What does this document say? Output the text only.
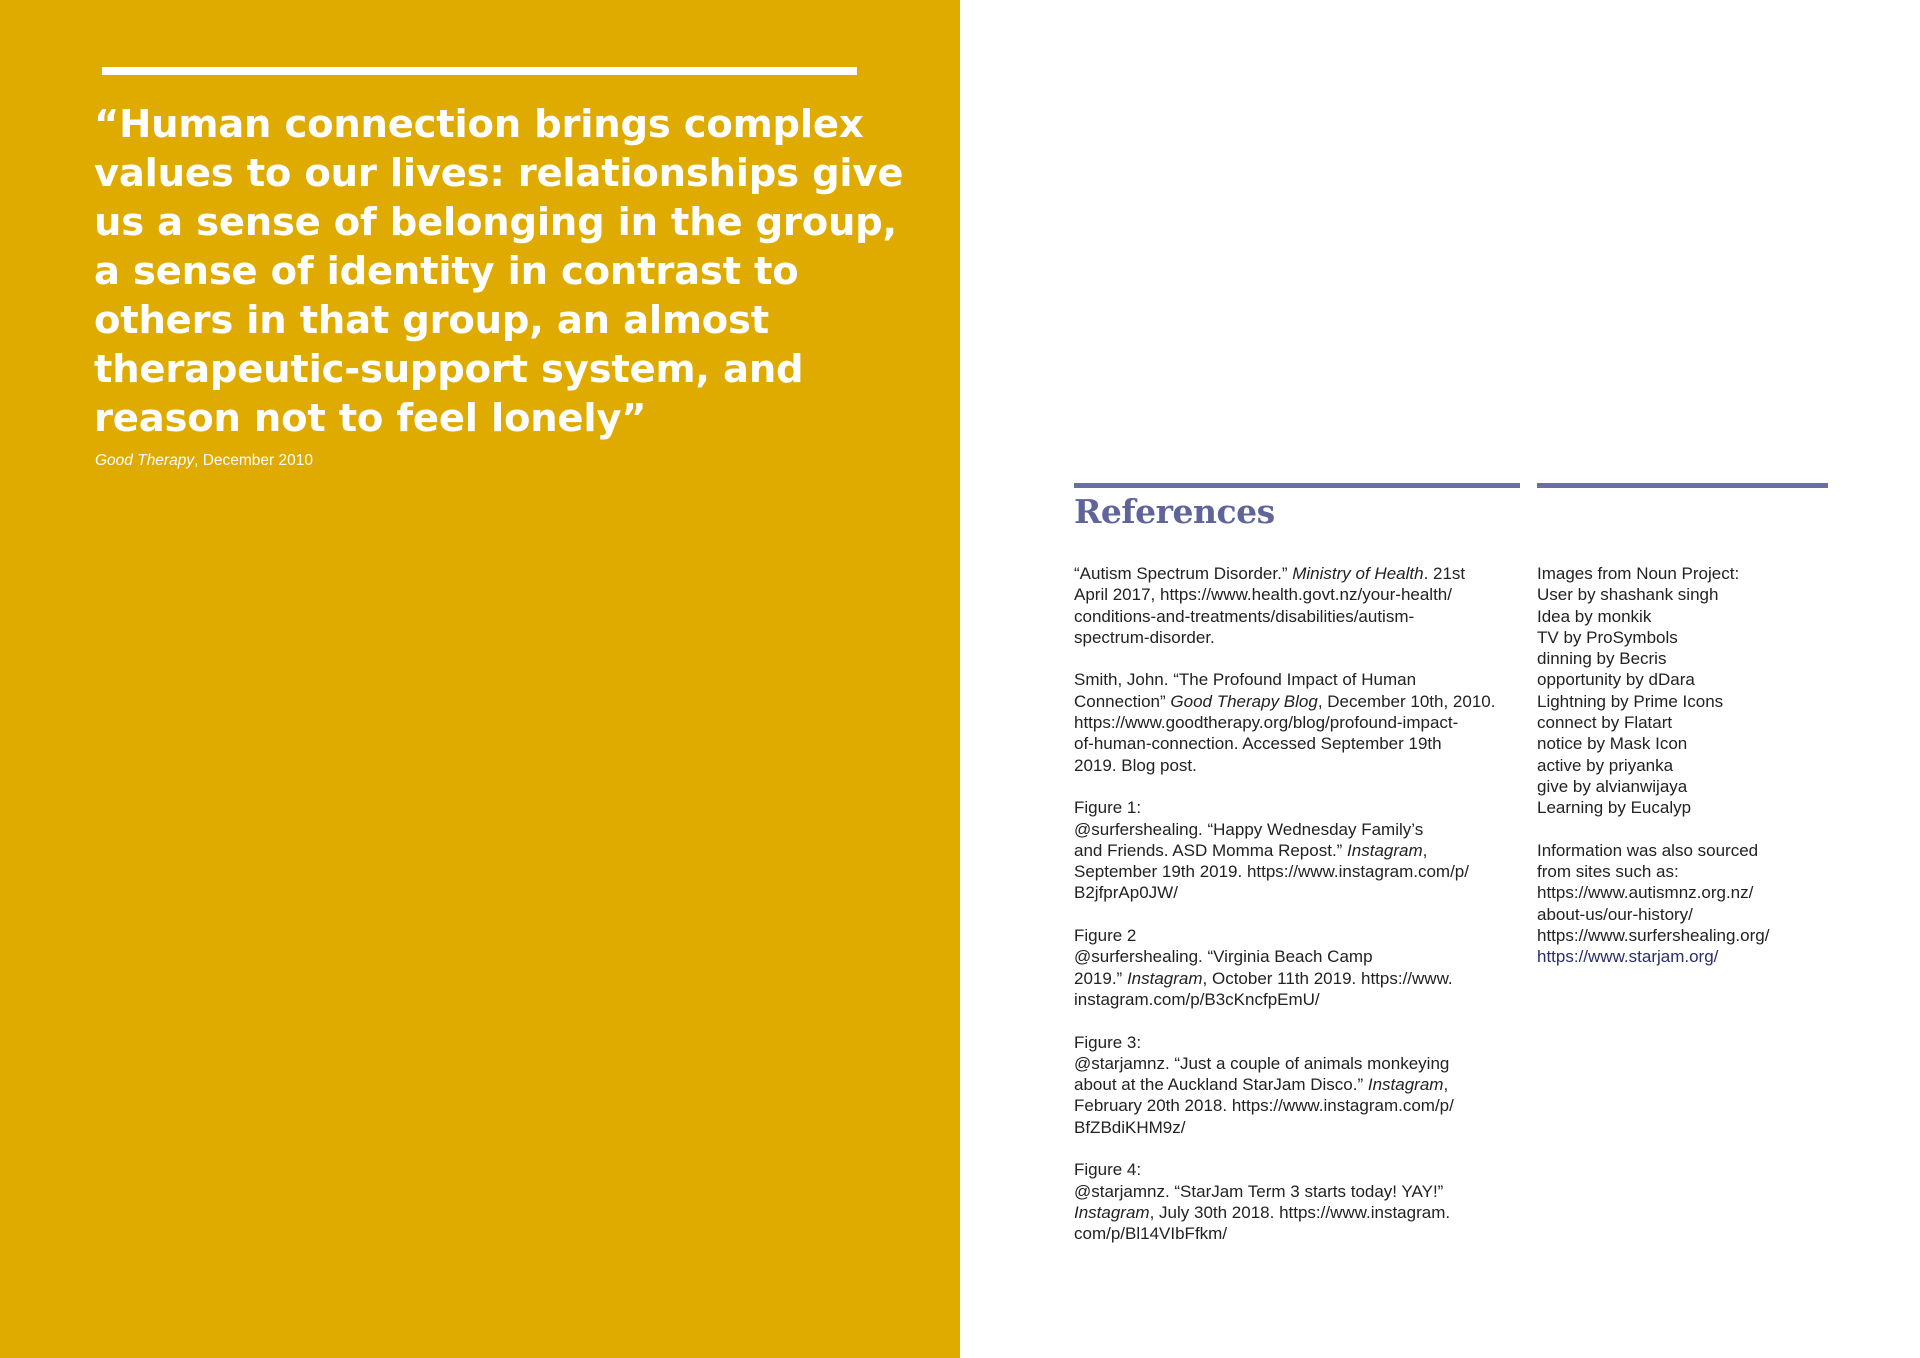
“Human connection brings complex
values to our lives: relationships give
us a sense of belonging in the group,
a sense of identity in contrast to
others in that group, an almost
therapeutic-support system, and
reason not to feel lonely”
Good Therapy, December 2010
References
“Autism Spectrum Disorder.” Ministry of Health. 21st
April 2017, https://www.health.govt.nz/your-health/
conditions-and-treatments/disabilities/autism-
spectrum-disorder.
Smith, John. “The Profound Impact of Human
Connection” Good Therapy Blog, December 10th, 2010.
https://www.goodtherapy.org/blog/profound-impact-
of-human-connection. Accessed September 19th
2019. Blog post.
Figure 1:
@surfershealing. “Happy Wednesday Family’s
and Friends. ASD Momma Repost.” Instagram,
September 19th 2019. https://www.instagram.com/p/
B2jfprAp0JW/
Figure 2
@surfershealing. “Virginia Beach Camp
2019.” Instagram, October 11th 2019. https://www.
instagram.com/p/B3cKncfpEmU/
Figure 3:
@starjamnz. “Just a couple of animals monkeying
about at the Auckland StarJam Disco.” Instagram,
February 20th 2018. https://www.instagram.com/p/
BfZBdiKHM9z/
Figure 4:
@starjamnz. “StarJam Term 3 starts today! YAY!”
Instagram, July 30th 2018. https://www.instagram.
com/p/Bl14VIbFfkm/
Images from Noun Project:
User by shashank singh
Idea by monkik
TV by ProSymbols
dinning by Becris
opportunity by dDara
Lightning by Prime Icons
connect by Flatart
notice by Mask Icon
active by priyanka
give by alvianwijaya
Learning by Eucalyp
Information was also sourced
from sites such as:
https://www.autismnz.org.nz/
about-us/our-history/
https://www.surfershealing.org/
https://www.starjam.org/
